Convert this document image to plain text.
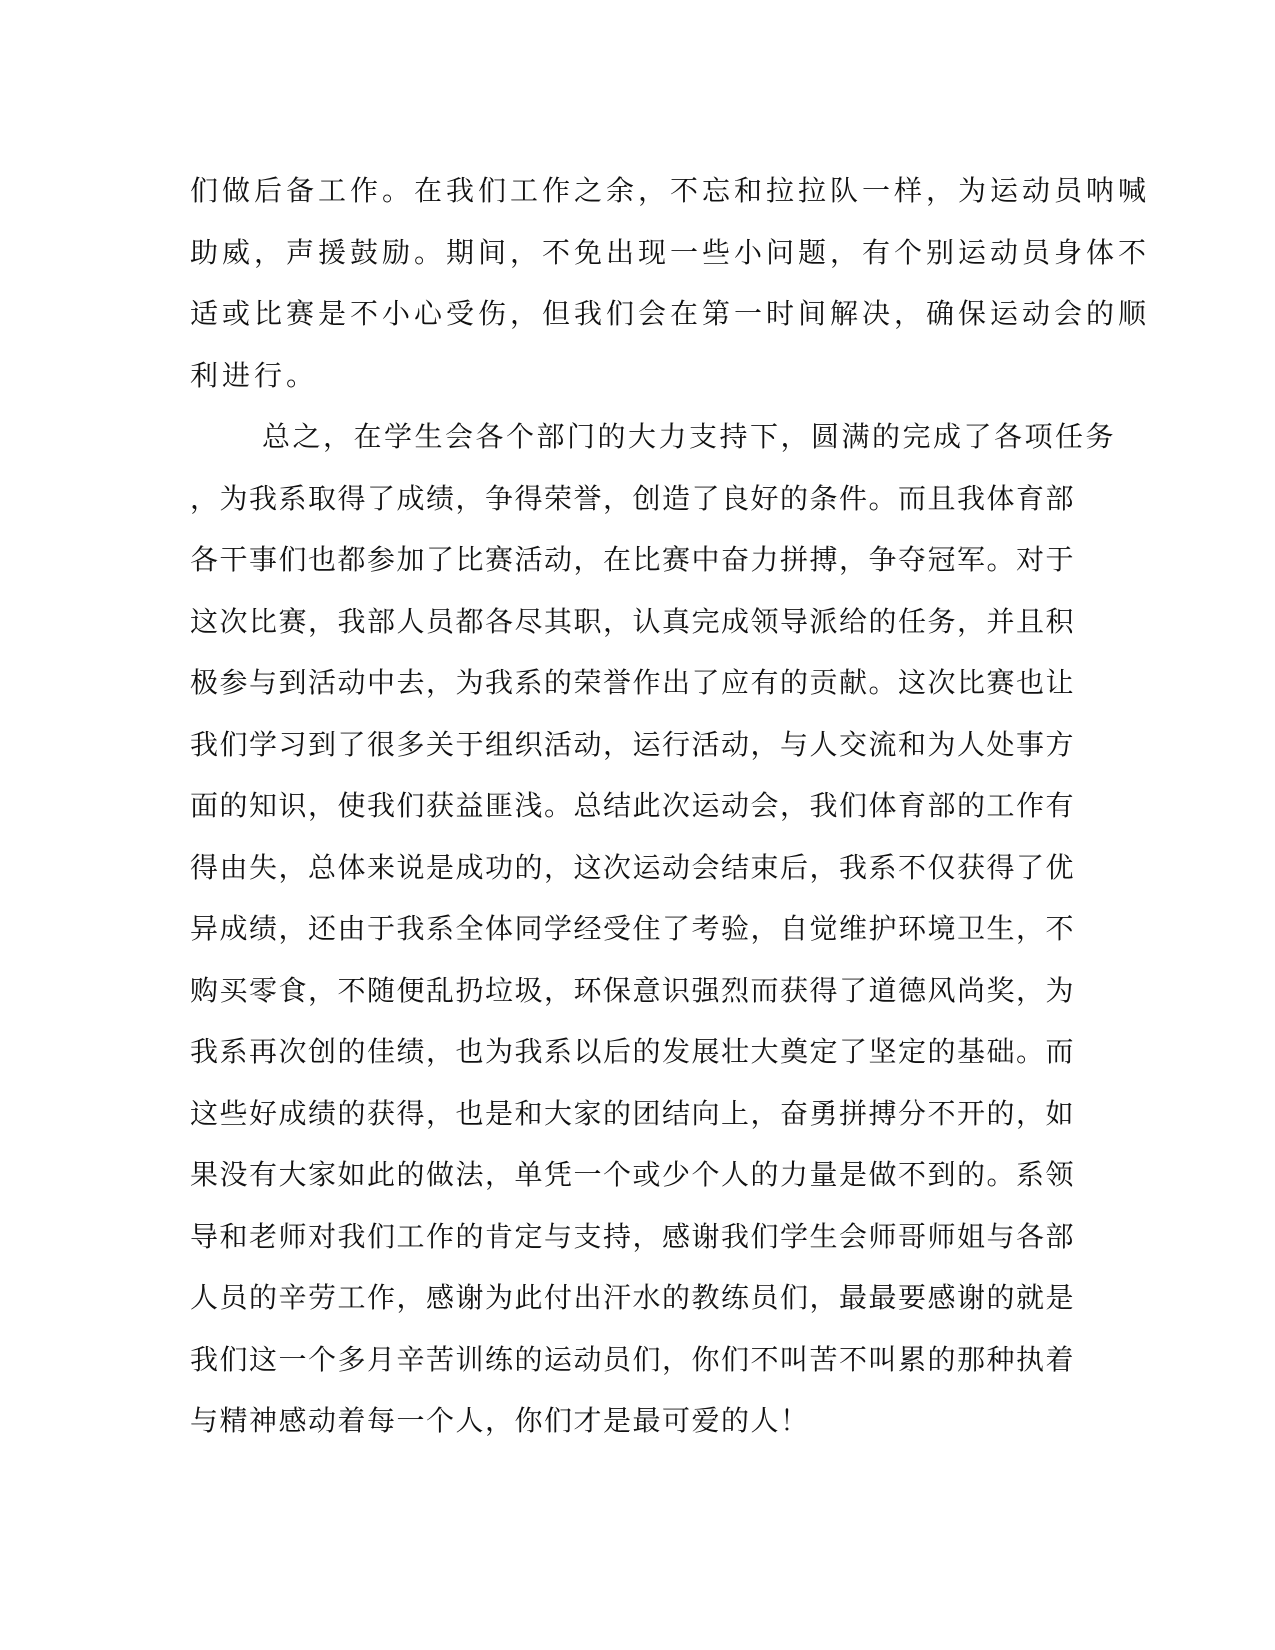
们做后备工作。在我们工作之余，不忘和拉拉队一样，为运动员呐喊
助威，声援鼓励。期间，不免出现一些小问题，有个别运动员身体不
适或比赛是不小心受伤，但我们会在第一时间解决，确保运动会的顺
利进行。
总之，在学生会各个部门的大力支持下，圆满的完成了各项任务
，为我系取得了成绩，争得荣誉，创造了良好的条件。而且我体育部
各干事们也都参加了比赛活动，在比赛中奋力拼搏，争夺冠军。对于
这次比赛，我部人员都各尽其职，认真完成领导派给的任务，并且积
极参与到活动中去，为我系的荣誉作出了应有的贡献。这次比赛也让
我们学习到了很多关于组织活动，运行活动，与人交流和为人处事方
面的知识，使我们获益匪浅。总结此次运动会，我们体育部的工作有
得由失，总体来说是成功的，这次运动会结束后，我系不仅获得了优
异成绩，还由于我系全体同学经受住了考验，自觉维护环境卫生，不
购买零食，不随便乱扔垃圾，环保意识强烈而获得了道德风尚奖，为
我系再次创的佳绩，也为我系以后的发展壮大奠定了坚定的基础。而
这些好成绩的获得，也是和大家的团结向上，奋勇拼搏分不开的，如
果没有大家如此的做法，单凭一个或少个人的力量是做不到的。系领
导和老师对我们工作的肯定与支持，感谢我们学生会师哥师姐与各部
人员的辛劳工作，感谢为此付出汗水的教练员们，最最要感谢的就是
我们这一个多月辛苦训练的运动员们，你们不叫苦不叫累的那种执着
与精神感动着每一个人，你们才是最可爱的人！
